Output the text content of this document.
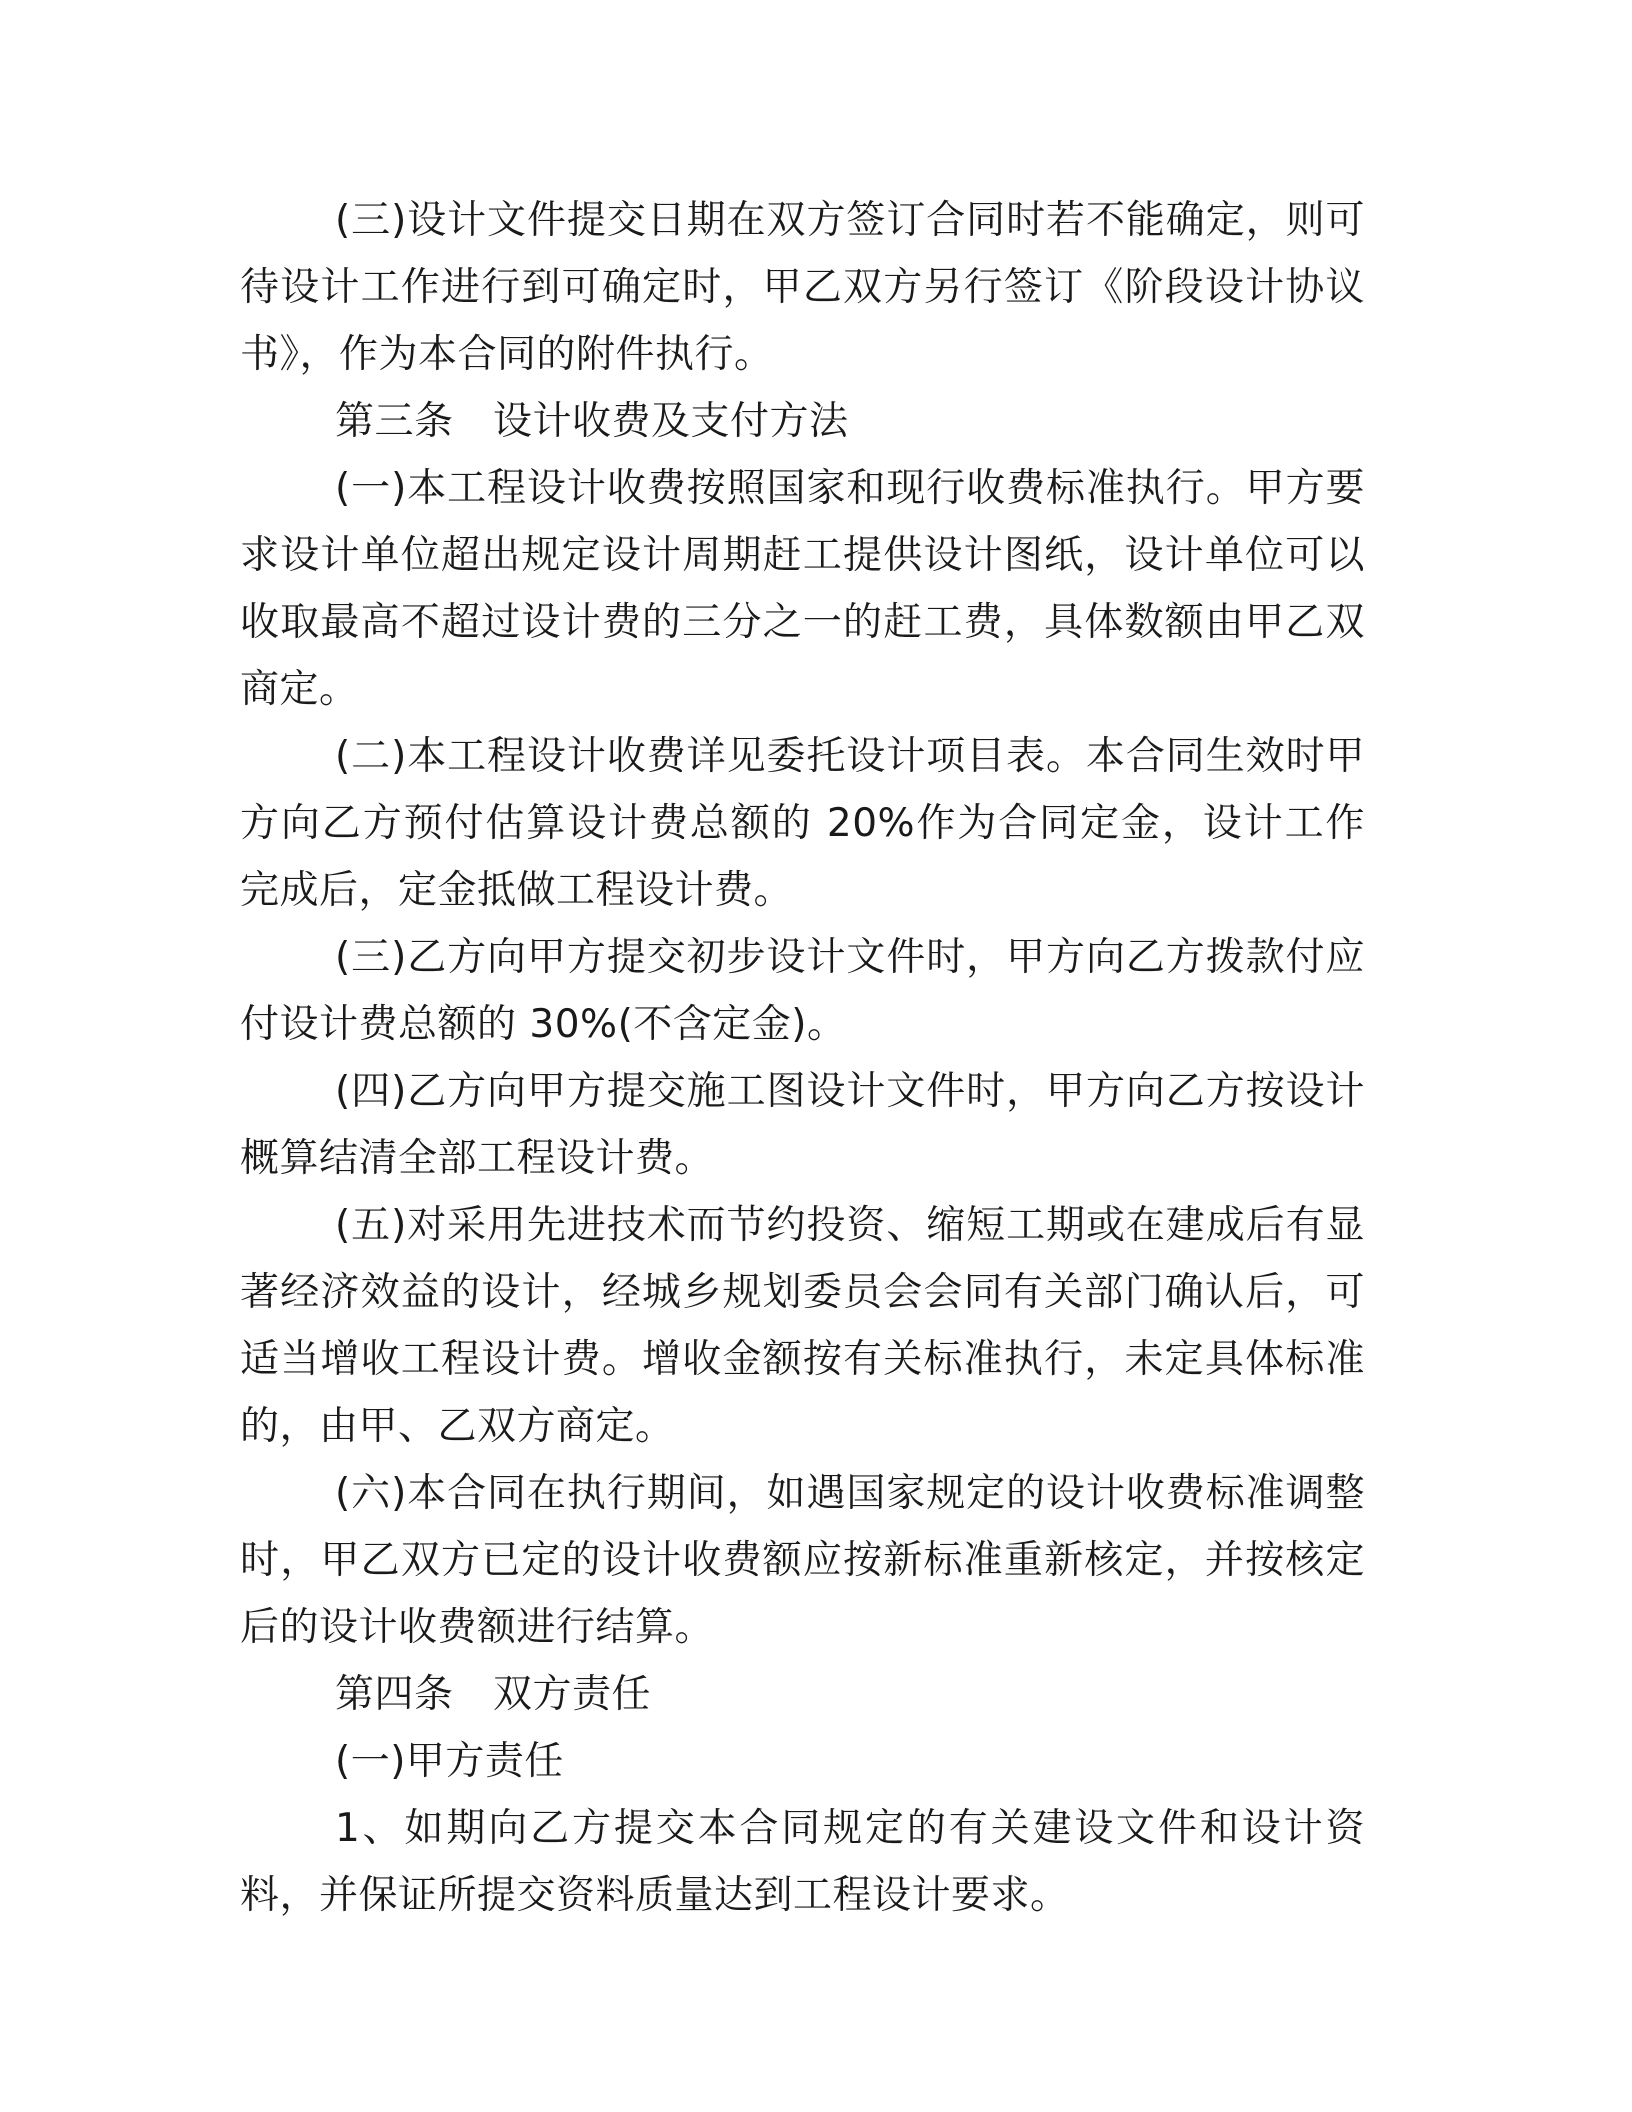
(三)设计文件提交日期在双方签订合同时若不能确定，则可待设计工作进行到可确定时，甲乙双方另行签订《阶段设计协议书》，作为本合同的附件执行。

第三条　设计收费及支付方法

(一)本工程设计收费按照国家和现行收费标准执行。甲方要求设计单位超出规定设计周期赶工提供设计图纸，设计单位可以收取最高不超过设计费的三分之一的赶工费，具体数额由甲乙双商定。

(二)本工程设计收费详见委托设计项目表。本合同生效时甲方向乙方预付估算设计费总额的 20%作为合同定金，设计工作完成后，定金抵做工程设计费。

(三)乙方向甲方提交初步设计文件时，甲方向乙方拨款付应付设计费总额的 30%(不含定金)。

(四)乙方向甲方提交施工图设计文件时，甲方向乙方按设计概算结清全部工程设计费。

(五)对采用先进技术而节约投资、缩短工期或在建成后有显著经济效益的设计，经城乡规划委员会会同有关部门确认后，可适当增收工程设计费。增收金额按有关标准执行，未定具体标准的，由甲、乙双方商定。

(六)本合同在执行期间，如遇国家规定的设计收费标准调整时，甲乙双方已定的设计收费额应按新标准重新核定，并按核定后的设计收费额进行结算。

第四条　双方责任

(一)甲方责任

1、如期向乙方提交本合同规定的有关建设文件和设计资料，并保证所提交资料质量达到工程设计要求。
